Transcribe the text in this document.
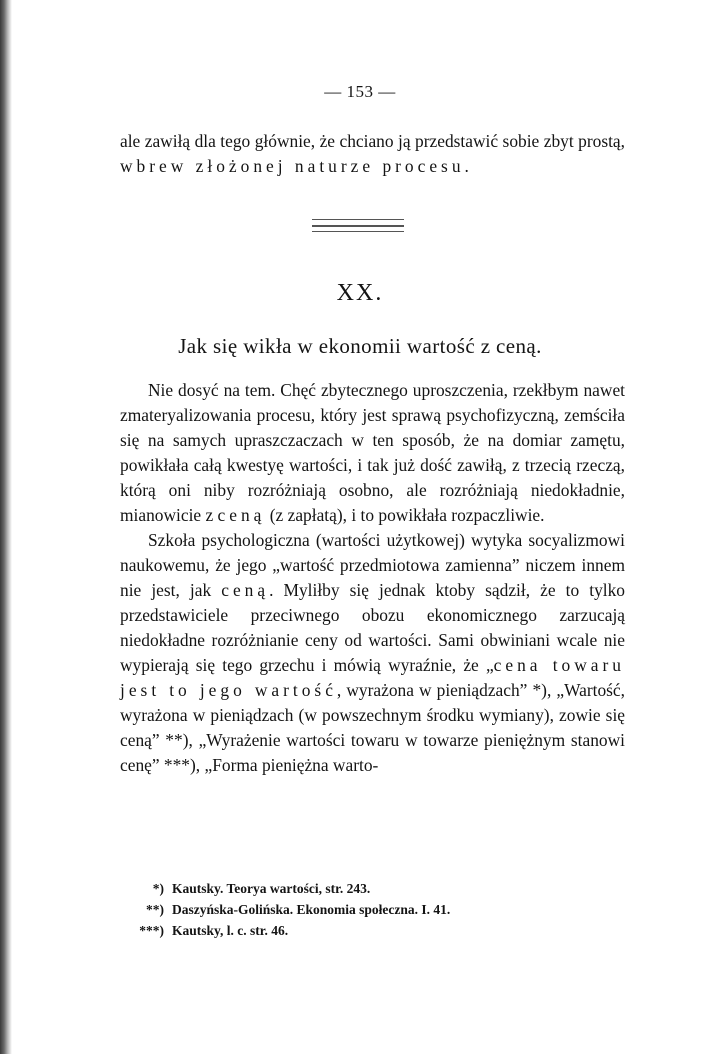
— 153 —

ale zawiłą dla tego głównie, że chciano ją przedstawić sobie zbyt prostą, wbrew złożonej naturze procesu.

XX.
Jak się wikła w ekonomii wartość z ceną.

Nie dosyć na tem. Chęć zbytecznego uproszczenia, rzekłbym nawet zmateryalizowania procesu, który jest sprawą psychofizyczną, zemściła się na samych upraszczaczach w ten sposób, że na domiar zamętu, powikłała całą kwestyę wartości, i tak już dość zawiłą, z trzecią rzeczą, którą oni niby rozróżniają osobno, ale rozróżniają niedokładnie, mianowicie z ceną (z zapłatą), i to powikłała rozpaczliwie.

Szkoła psychologiczna (wartości użytkowej) wytyka socyalizmowi naukowemu, że jego „wartość przedmiotowa zamienna” niczem innem nie jest, jak ceną. Myliłby się jednak ktoby sądził, że to tylko przedstawiciele przeciwnego obozu ekonomicznego zarzucają niedokładne rozróżnianie ceny od wartości. Sami obwiniani wcale nie wypierają się tego grzechu i mówią wyraźnie, że „cena towaru jest to jego wartość, wyrażona w pieniądzach” *), „Wartość, wyrażona w pieniądzach (w powszechnym środku wymiany), zowie się ceną” **), „Wyrażenie wartości towaru w towarze pieniężnym stanowi cenę” ***), „Forma pieniężna warto-

*) Kautsky. Teorya wartości, str. 243.
**) Daszyńska-Golińska. Ekonomia społeczna. I. 41.
***) Kautsky, l. c. str. 46.
